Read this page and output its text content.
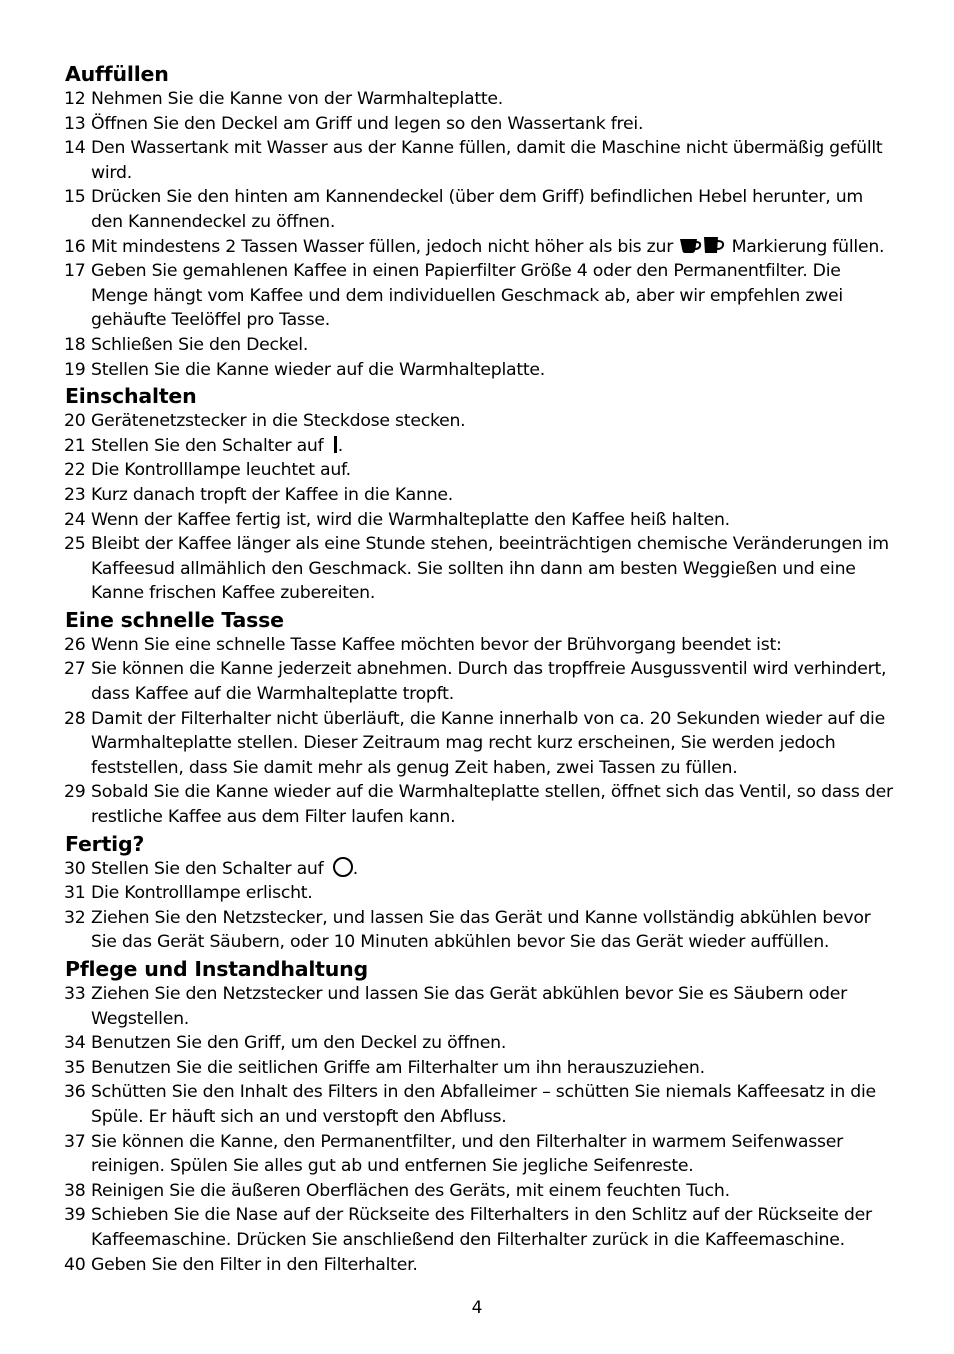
Auffüllen

12 Nehmen Sie die Kanne von der Warmhalteplatte.

13 Öffnen Sie den Deckel am Griff und legen so den Wassertank frei.

14 Den Wassertank mit Wasser aus der Kanne füllen, damit die Maschine nicht übermäßig gefüllt wird.

15 Drücken Sie den hinten am Kannendeckel (über dem Griff) befindlichen Hebel herunter, um den Kannendeckel zu öffnen.

16 Mit mindestens 2 Tassen Wasser füllen, jedoch nicht höher als bis zur	Markierung füllen.

17 Geben Sie gemahlenen Kaffee in einen Papierfilter Größe 4 oder den Permanentfilter. Die Menge hängt vom Kaffee und dem individuellen Geschmack ab, aber wir empfehlen zwei gehäufte Teelöffel pro Tasse.

18 Schließen Sie den Deckel.

19 Stellen Sie die Kanne wieder auf die Warmhalteplatte.

Einschalten

20 Gerätenetzstecker in die Steckdose stecken.

21 Stellen Sie den Schalter auf .

22 Die Kontrolllampe leuchtet auf.

23 Kurz danach tropft der Kaffee in die Kanne.

24 Wenn der Kaffee fertig ist, wird die Warmhalteplatte den Kaffee heiß halten.

25 Bleibt der Kaffee länger als eine Stunde stehen, beeinträchtigen chemische Veränderungen im Kaffeesud allmählich den Geschmack. Sie sollten ihn dann am besten Weggießen und eine Kanne frischen Kaffee zubereiten.

Eine schnelle Tasse

26 Wenn Sie eine schnelle Tasse Kaffee möchten bevor der Brühvorgang beendet ist:

27 Sie können die Kanne jederzeit abnehmen. Durch das tropffreie Ausgussventil wird verhindert, dass Kaffee auf die Warmhalteplatte tropft.

28 Damit der Filterhalter nicht überläuft, die Kanne innerhalb von ca. 20 Sekunden wieder auf die Warmhalteplatte stellen. Dieser Zeitraum mag recht kurz erscheinen, Sie werden jedoch feststellen, dass Sie damit mehr als genug Zeit haben, zwei Tassen zu füllen.

29 Sobald Sie die Kanne wieder auf die Warmhalteplatte stellen, öffnet sich das Ventil, so dass der restliche Kaffee aus dem Filter laufen kann.

Fertig?

30 Stellen Sie den Schalter auf .

31 Die Kontrolllampe erlischt.

32 Ziehen Sie den Netzstecker, und lassen Sie das Gerät und Kanne vollständig abkühlen bevor Sie das Gerät Säubern, oder 10 Minuten abkühlen bevor Sie das Gerät wieder auffüllen.

Pflege und Instandhaltung

33 Ziehen Sie den Netzstecker und lassen Sie das Gerät abkühlen bevor Sie es Säubern oder Wegstellen.

34 Benutzen Sie den Griff, um den Deckel zu öffnen.

35 Benutzen Sie die seitlichen Griffe am Filterhalter um ihn herauszuziehen.

36 Schütten Sie den Inhalt des Filters in den Abfalleimer – schütten Sie niemals Kaffeesatz in die Spüle. Er häuft sich an und verstopft den Abfluss.

37 Sie können die Kanne, den Permanentfilter, und den Filterhalter in warmem Seifenwasser reinigen. Spülen Sie alles gut ab und entfernen Sie jegliche Seifenreste.

38 Reinigen Sie die äußeren Oberflächen des Geräts, mit einem feuchten Tuch.

39 Schieben Sie die Nase auf der Rückseite des Filterhalters in den Schlitz auf der Rückseite der Kaffeemaschine. Drücken Sie anschließend den Filterhalter zurück in die Kaffeemaschine.

40 Geben Sie den Filter in den Filterhalter.

4
